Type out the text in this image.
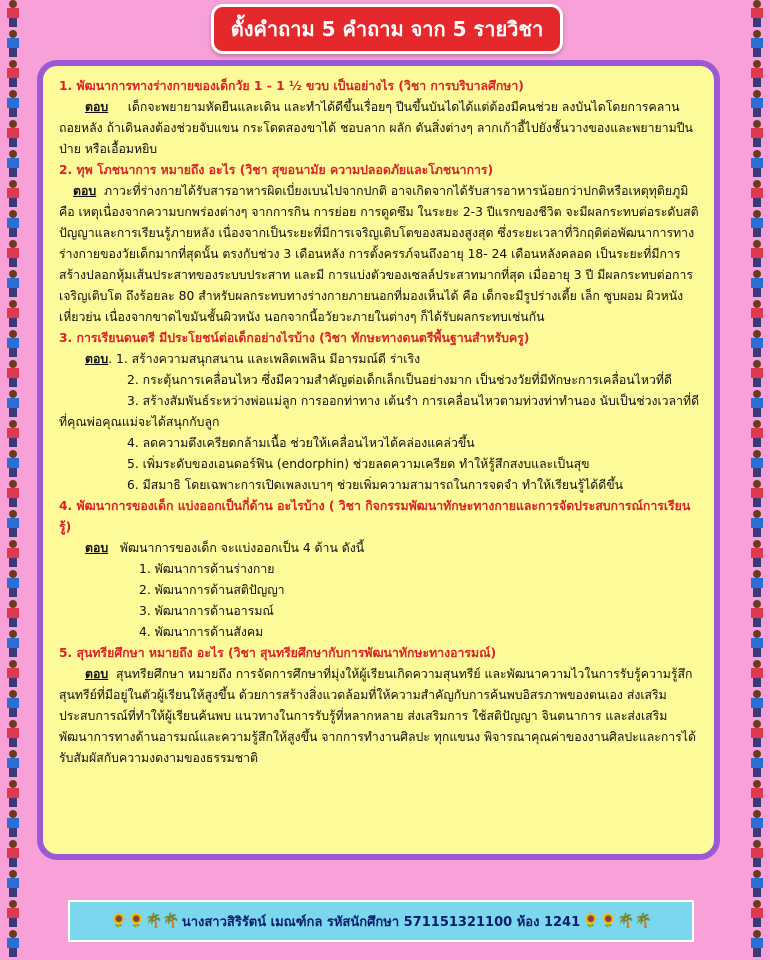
ตั้งคำถาม 5 คำถาม จาก 5 รายวิชา

1. พัฒนาการทางร่างกายของเด็กวัย 1 - 1 ½ ขวบ เป็นอย่างไร (วิชา การบริบาลศึกษา)

ตอบ เด็กจะพยายามหัดยืนและเดิน และทำได้ดีขึ้นเรื่อยๆ ปีนขึ้นบันไดได้แต่ต้องมีคนช่วย ลงบันไดโดยการคลานถอยหลัง ถ้าเดินลงต้องช่วยจับแขน กระโดดสองขาได้ ชอบลาก ผลัก ดันสิ่งต่างๆ ลากเก้าอี้ไปยังชั้นวางของและพยายามปีนป่าย หรือเอื้อมหยิบ

2. ทุพ โภชนาการ หมายถึง อะไร (วิชา สุขอนามัย ความปลอดภัยและโภชนาการ)

ตอบ ภาวะที่ร่างกายได้รับสารอาหารผิดเบี่ยงเบนไปจากปกติ อาจเกิดจากได้รับสารอาหารน้อยกว่าปกติหรือเหตุทุติยภูมิ คือ เหตุเนื่องจากความบกพร่องต่างๆ จากการกิน การย่อย การดูดซึม ในระยะ 2-3 ปีแรกของชีวิต จะมีผลกระทบต่อระดับสติปัญญาและการเรียนรู้ภายหลัง เนื่องจากเป็นระยะที่มีการเจริญเติบโตของสมองสูงสุด ซึ่งระยะเวลาที่วิกฤติต่อพัฒนาการทางร่างกายของวัยเด็กมากที่สุดนั้น ตรงกับช่วง 3 เดือนหลัง การตั้งครรภ์จนถึงอายุ 18- 24 เดือนหลังคลอด เป็นระยะที่มีการสร้างปลอกหุ้มเส้นประสาทของระบบประสาท และมี การแบ่งตัวของเซลล์ประสาทมากที่สุด เมื่ออายุ 3 ปี มีผลกระทบต่อการเจริญเติบโต ถึงร้อยละ 80 สำหรับผลกระทบทางร่างกายภายนอกที่มองเห็นได้ คือ เด็กจะมีรูปร่างเตี้ย เล็ก ซูบผอม ผิวหนังเหี่ยวย่น เนื่องจากขาดไขมันชั้นผิวหนัง นอกจากนี้อวัยวะภายในต่างๆ ก็ได้รับผลกระทบเช่นกัน

3. การเรียนดนตรี มีประโยชน์ต่อเด็กอย่างไรบ้าง (วิชา ทักษะทางดนตรีพื้นฐานสำหรับครู)

ตอบ. 1. สร้างความสนุกสนาน และเพลิดเพลิน มีอารมณ์ดี ร่าเริง

2. กระตุ้นการเคลื่อนไหว ซึ่งมีความสำคัญต่อเด็กเล็กเป็นอย่างมาก เป็นช่วงวัยที่มีทักษะการเคลื่อนไหวที่ดี

3. สร้างสัมพันธ์ระหว่างพ่อแม่ลูก การออกท่าทาง เต้นรำ การเคลื่อนไหวตามท่วงท่าทำนอง นับเป็นช่วงเวลาที่ดีที่คุณพ่อคุณแม่จะได้สนุกกับลูก

4. ลดความตึงเครียดกล้ามเนื้อ ช่วยให้เคลื่อนไหวได้คล่องแคล่วขึ้น

5. เพิ่มระดับของเอนดอร์ฟิน (endorphin) ช่วยลดความเครียด ทำให้รู้สึกสงบและเป็นสุข

6. มีสมาธิ โดยเฉพาะการเปิดเพลงเบาๆ ช่วยเพิ่มความสามารถในการจดจำ ทำให้เรียนรู้ได้ดีขึ้น

4. พัฒนาการของเด็ก แบ่งออกเป็นกี่ด้าน อะไรบ้าง ( วิชา กิจกรรมพัฒนาทักษะทางกายและการจัดประสบการณ์การเรียนรู้)

ตอบ พัฒนาการของเด็ก จะแบ่งออกเป็น 4 ด้าน ดังนี้

1. พัฒนาการด้านร่างกาย

2. พัฒนาการด้านสติปัญญา

3. พัฒนาการด้านอารมณ์

4. พัฒนาการด้านสังคม

5. สุนทรียศึกษา หมายถึง อะไร (วิชา สุนทรียศึกษากับการพัฒนาทักษะทางอารมณ์)

ตอบ สุนทรียศึกษา หมายถึง การจัดการศึกษาที่มุ่งให้ผู้เรียนเกิดความสุนทรีย์ และพัฒนาความไวในการรับรู้ความรู้สึก สุนทรีย์ที่มีอยู่ในตัวผู้เรียนให้สูงขึ้น ด้วยการสร้างสิ่งแวดล้อมที่ให้ความสำคัญกับการค้นพบอิสรภาพของตนเอง ส่งเสริมประสบการณ์ที่ทำให้ผู้เรียนค้นพบ แนวทางในการรับรู้ที่หลากหลาย ส่งเสริมการ ใช้สติปัญญา จินตนาการ และส่งเสริมพัฒนาการทางด้านอารมณ์และความรู้สึกให้สูงขึ้น จากการทำงานศิลปะ ทุกแขนง พิจารณาคุณค่าของงานศิลปะและการได้รับสัมผัสกับความงดงามของธรรมชาติ

🌻🌻🌴🌴 นางสาวสิริรัตน์ เมณฑ์กล รหัสนักศึกษา 571151321100 ห้อง 1241 🌻🌻🌴🌴
